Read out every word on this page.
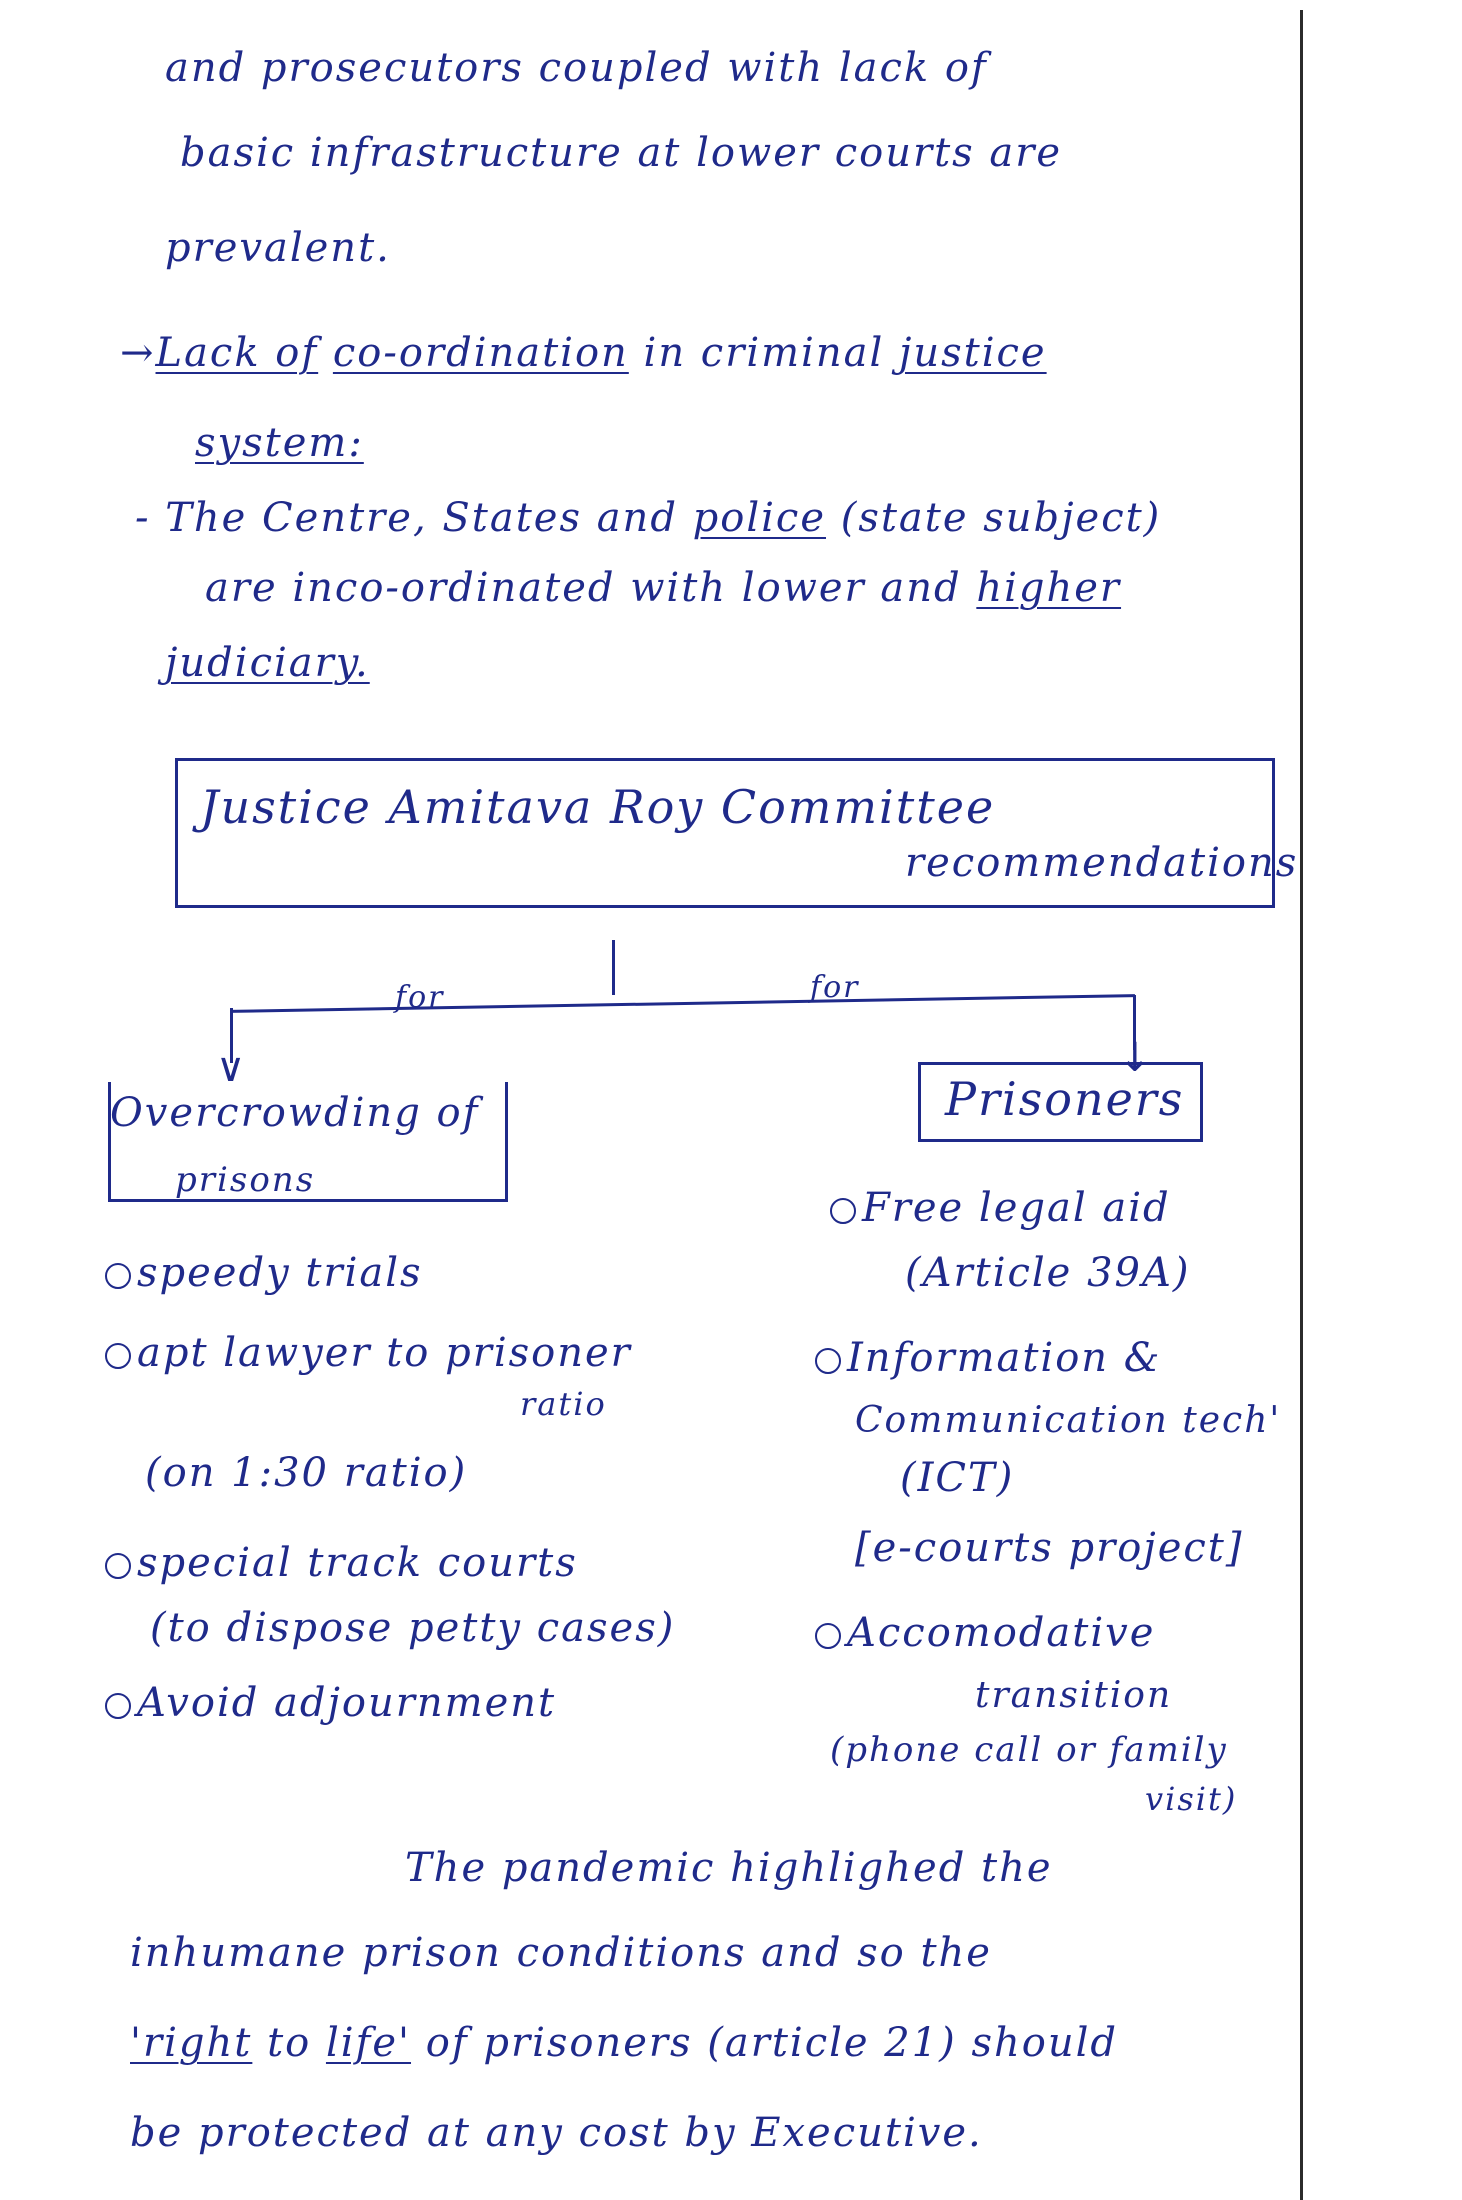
and prosecutors coupled with lack of
basic infrastructure at lower courts are
prevalent.
→Lack of co-ordination in criminal justice
system:
- The Centre, States and police (state subject)
are inco-ordinated with lower and higher
judiciary.
Justice Amitava Roy Committee
recommendations
∨	↓
for	for
Overcrowding of
prisons
speedy trials
apt lawyer to prisoner
ratio
(on 1:30 ratio)
special track courts
(to dispose petty cases)
Avoid adjournment
Prisoners
Free legal aid
(Article 39A)
Information &
Communication tech'
(ICT)
[e-courts project]
Accomodative
transition
(phone call or family
visit)
The pandemic highlighed the
inhumane prison conditions and so the
'right to life' of prisoners (article 21) should
be protected at any cost by Executive.
